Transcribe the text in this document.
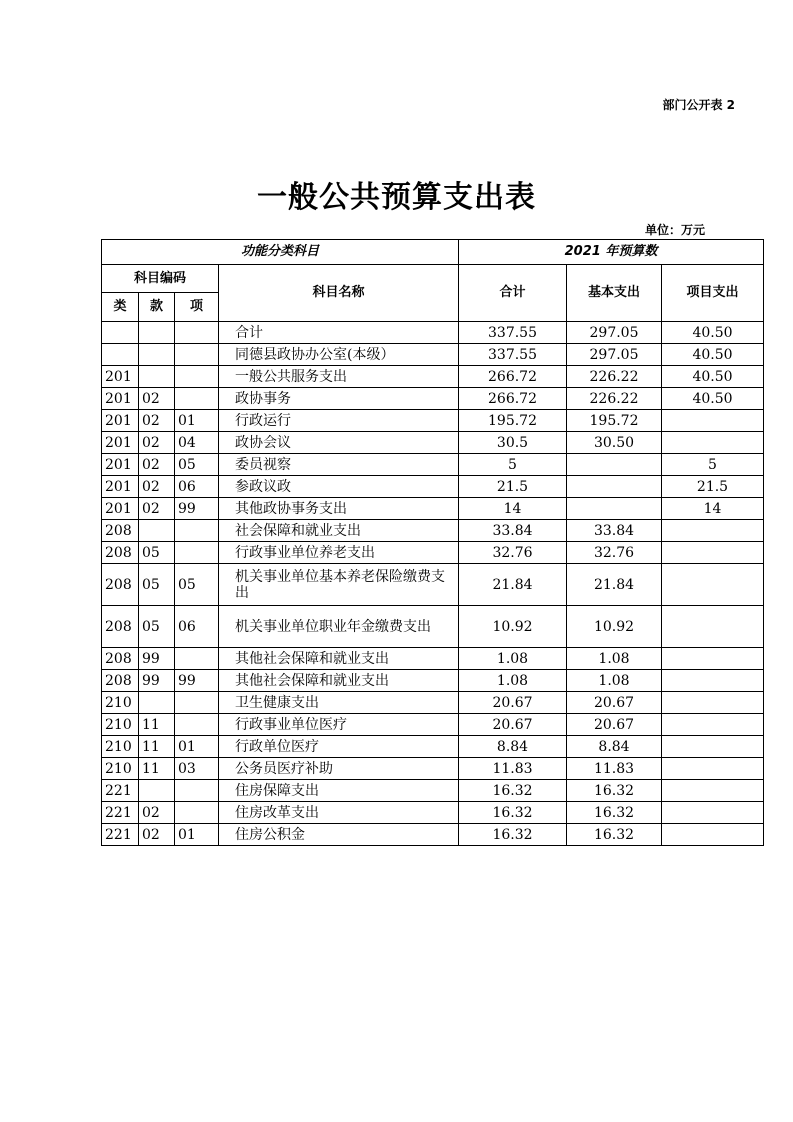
部门公开表 2
一般公共预算支出表
单位：万元
功能分类科目				2021 年预算数		
科目编码			科目名称	合计	基本支出	项目支出
类	款	项				
			合计	337.55	297.05	40.50
			同德县政协办公室(本级）	337.55	297.05	40.50
201			一般公共服务支出	266.72	226.22	40.50
201	02		政协事务	266.72	226.22	40.50
201	02	01	行政运行	195.72	195.72	
201	02	04	政协会议	30.5	30.50	
201	02	05	委员视察	5		5
201	02	06	参政议政	21.5		21.5
201	02	99	其他政协事务支出	14		14
208			社会保障和就业支出	33.84	33.84	
208	05		行政事业单位养老支出	32.76	32.76	
208	05	05	机关事业单位基本养老保险缴费支出	21.84	21.84	
208	05	06	机关事业单位职业年金缴费支出	10.92	10.92	
208	99		其他社会保障和就业支出	1.08	1.08	
208	99	99	其他社会保障和就业支出	1.08	1.08	
210			卫生健康支出	20.67	20.67	
210	11		行政事业单位医疗	20.67	20.67	
210	11	01	行政单位医疗	8.84	8.84	
210	11	03	公务员医疗补助	11.83	11.83	
221			住房保障支出	16.32	16.32	
221	02		住房改革支出	16.32	16.32	
221	02	01	住房公积金	16.32	16.32	
